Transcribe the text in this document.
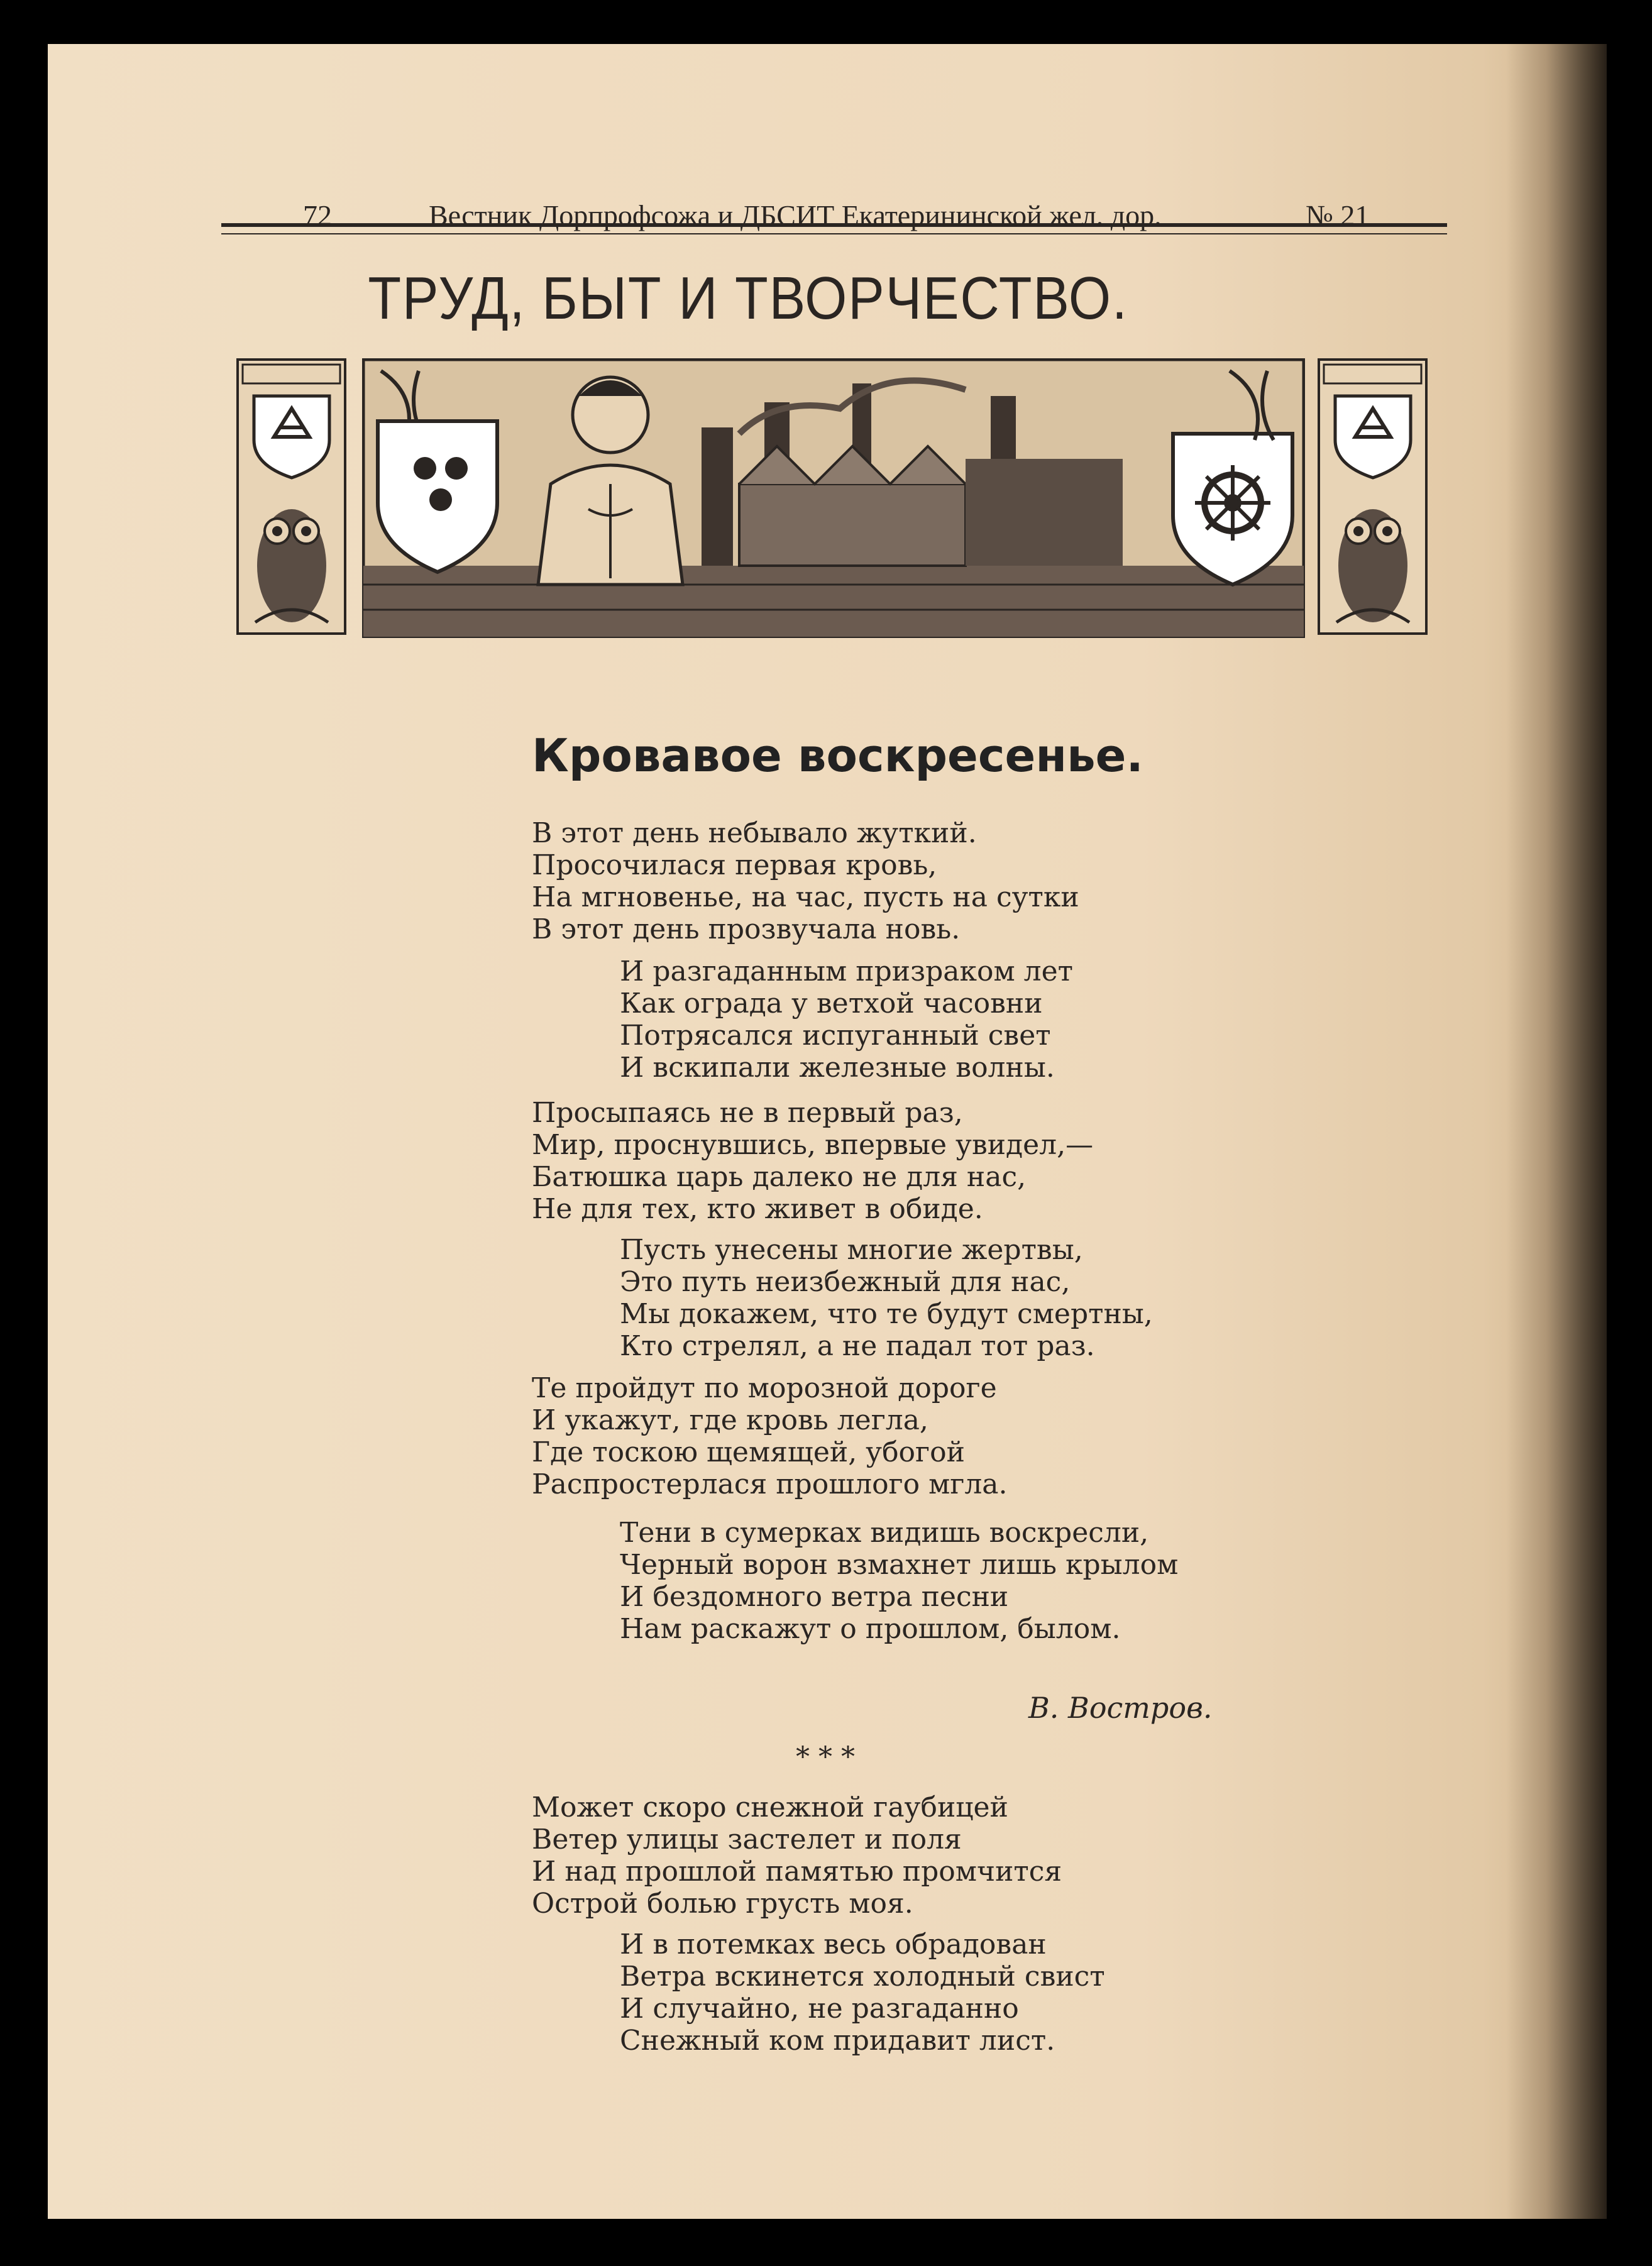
72	Вестник Дорпрофсожа и ДБСИТ Екатерининской жел. дор.	№ 21
ТРУД, БЫТ И ТВОРЧЕСТВО.
Кровавое воскресенье.
В этот день небывало жуткий.
Просочилася первая кровь,
На мгновенье, на час, пусть на сутки
В этот день прозвучала новь.
И разгаданным призраком лет
Как ограда у ветхой часовни
Потрясался испуганный свет
И вскипали железные волны.
Просыпаясь не в первый раз,
Мир, проснувшись, впервые увидел,—
Батюшка царь далеко не для нас,
Не для тех, кто живет в обиде.
Пусть унесены многие жертвы,
Это путь неизбежный для нас,
Мы докажем, что те будут смертны,
Кто стрелял, а не падал тот раз.
Те пройдут по морозной дороге
И укажут, где кровь легла,
Где тоскою щемящей, убогой
Распростерлася прошлого мгла.
Тени в сумерках видишь воскресли,
Черный ворон взмахнет лишь крылом
И бездомного ветра песни
Нам раскажут о прошлом, былом.
В. Востров.
* * *
Может скоро снежной гаубицей
Ветер улицы застелет и поля
И над прошлой памятью промчится
Острой болью грусть моя.
И в потемках весь обрадован
Ветра вскинется холодный свист
И случайно, не разгаданно
Снежный ком придавит лист.
